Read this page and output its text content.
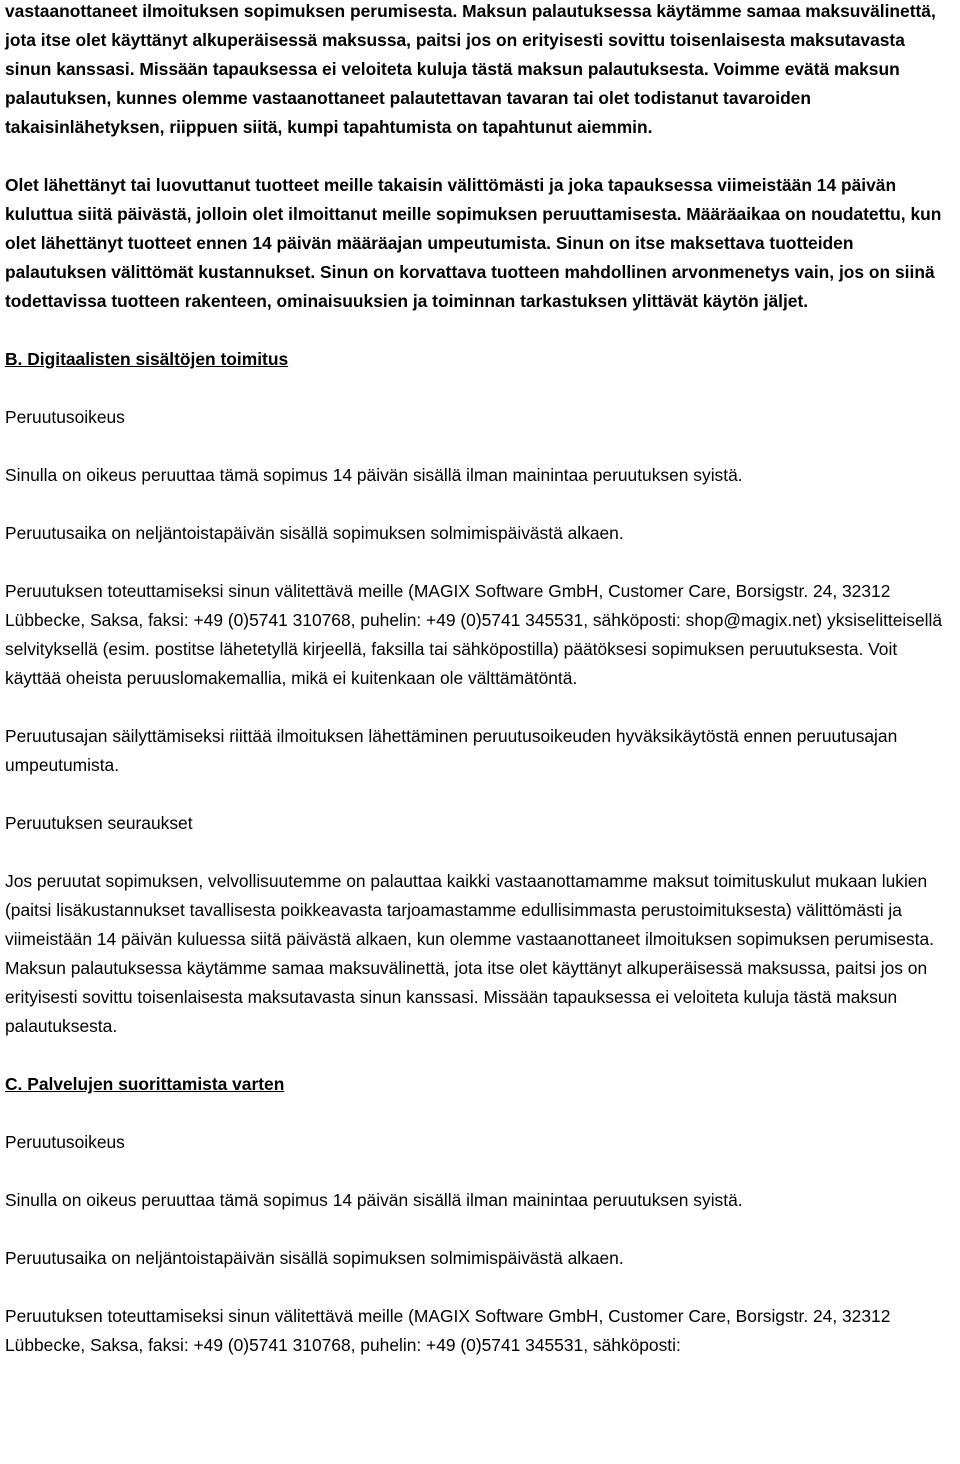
vastaanottaneet ilmoituksen sopimuksen perumisesta. Maksun palautuksessa käytämme samaa maksuvälinettä, jota itse olet käyttänyt alkuperäisessä maksussa, paitsi jos on erityisesti sovittu toisenlaisesta maksutavasta sinun kanssasi. Missään tapauksessa ei veloiteta kuluja tästä maksun palautuksesta. Voimme evätä maksun palautuksen, kunnes olemme vastaanottaneet palautettavan tavaran tai olet todistanut tavaroiden takaisinlähetyksen, riippuen siitä, kumpi tapahtumista on tapahtunut aiemmin.

Olet lähettänyt tai luovuttanut tuotteet meille takaisin välittömästi ja joka tapauksessa viimeistään 14 päivän kuluttua siitä päivästä, jolloin olet ilmoittanut meille sopimuksen peruuttamisesta. Määräaikaa on noudatettu, kun olet lähettänyt tuotteet ennen 14 päivän määräajan umpeutumista. Sinun on itse maksettava tuotteiden palautuksen välittömät kustannukset. Sinun on korvattava tuotteen mahdollinen arvonmenetys vain, jos on siinä todettavissa tuotteen rakenteen, ominaisuuksien ja toiminnan tarkastuksen ylittävät käytön jäljet.

B. Digitaalisten sisältöjen toimitus

Peruutusoikeus

Sinulla on oikeus peruuttaa tämä sopimus 14 päivän sisällä ilman mainintaa peruutuksen syistä.

Peruutusaika on neljäntoistapäivän sisällä sopimuksen solmimispäivästä alkaen.

Peruutuksen toteuttamiseksi sinun välitettävä meille (MAGIX Software GmbH, Customer Care, Borsigstr. 24, 32312 Lübbecke, Saksa, faksi: +49 (0)5741 310768, puhelin: +49 (0)5741 345531, sähköposti: shop@magix.net) yksiselitteisellä selvityksellä (esim. postitse lähetetyllä kirjeellä, faksilla tai sähköpostilla) päätöksesi sopimuksen peruutuksesta. Voit käyttää oheista peruuslomakemallia, mikä ei kuitenkaan ole välttämätöntä.

Peruutusajan säilyttämiseksi riittää ilmoituksen lähettäminen peruutusoikeuden hyväksikäytöstä ennen peruutusajan umpeutumista.

Peruutuksen seuraukset

Jos peruutat sopimuksen, velvollisuutemme on palauttaa kaikki vastaanottamamme maksut toimituskulut mukaan lukien (paitsi lisäkustannukset tavallisesta poikkeavasta tarjoamastamme edullisimmasta perustoimituksesta) välittömästi ja viimeistään 14 päivän kuluessa siitä päivästä alkaen, kun olemme vastaanottaneet ilmoituksen sopimuksen perumisesta.

Maksun palautuksessa käytämme samaa maksuvälinettä, jota itse olet käyttänyt alkuperäisessä maksussa, paitsi jos on erityisesti sovittu toisenlaisesta maksutavasta sinun kanssasi. Missään tapauksessa ei veloiteta kuluja tästä maksun palautuksesta.

C. Palvelujen suorittamista varten

Peruutusoikeus

Sinulla on oikeus peruuttaa tämä sopimus 14 päivän sisällä ilman mainintaa peruutuksen syistä.

Peruutusaika on neljäntoistapäivän sisällä sopimuksen solmimispäivästä alkaen.

Peruutuksen toteuttamiseksi sinun välitettävä meille (MAGIX Software GmbH, Customer Care, Borsigstr. 24, 32312 Lübbecke, Saksa, faksi: +49 (0)5741 310768, puhelin: +49 (0)5741 345531, sähköposti:
